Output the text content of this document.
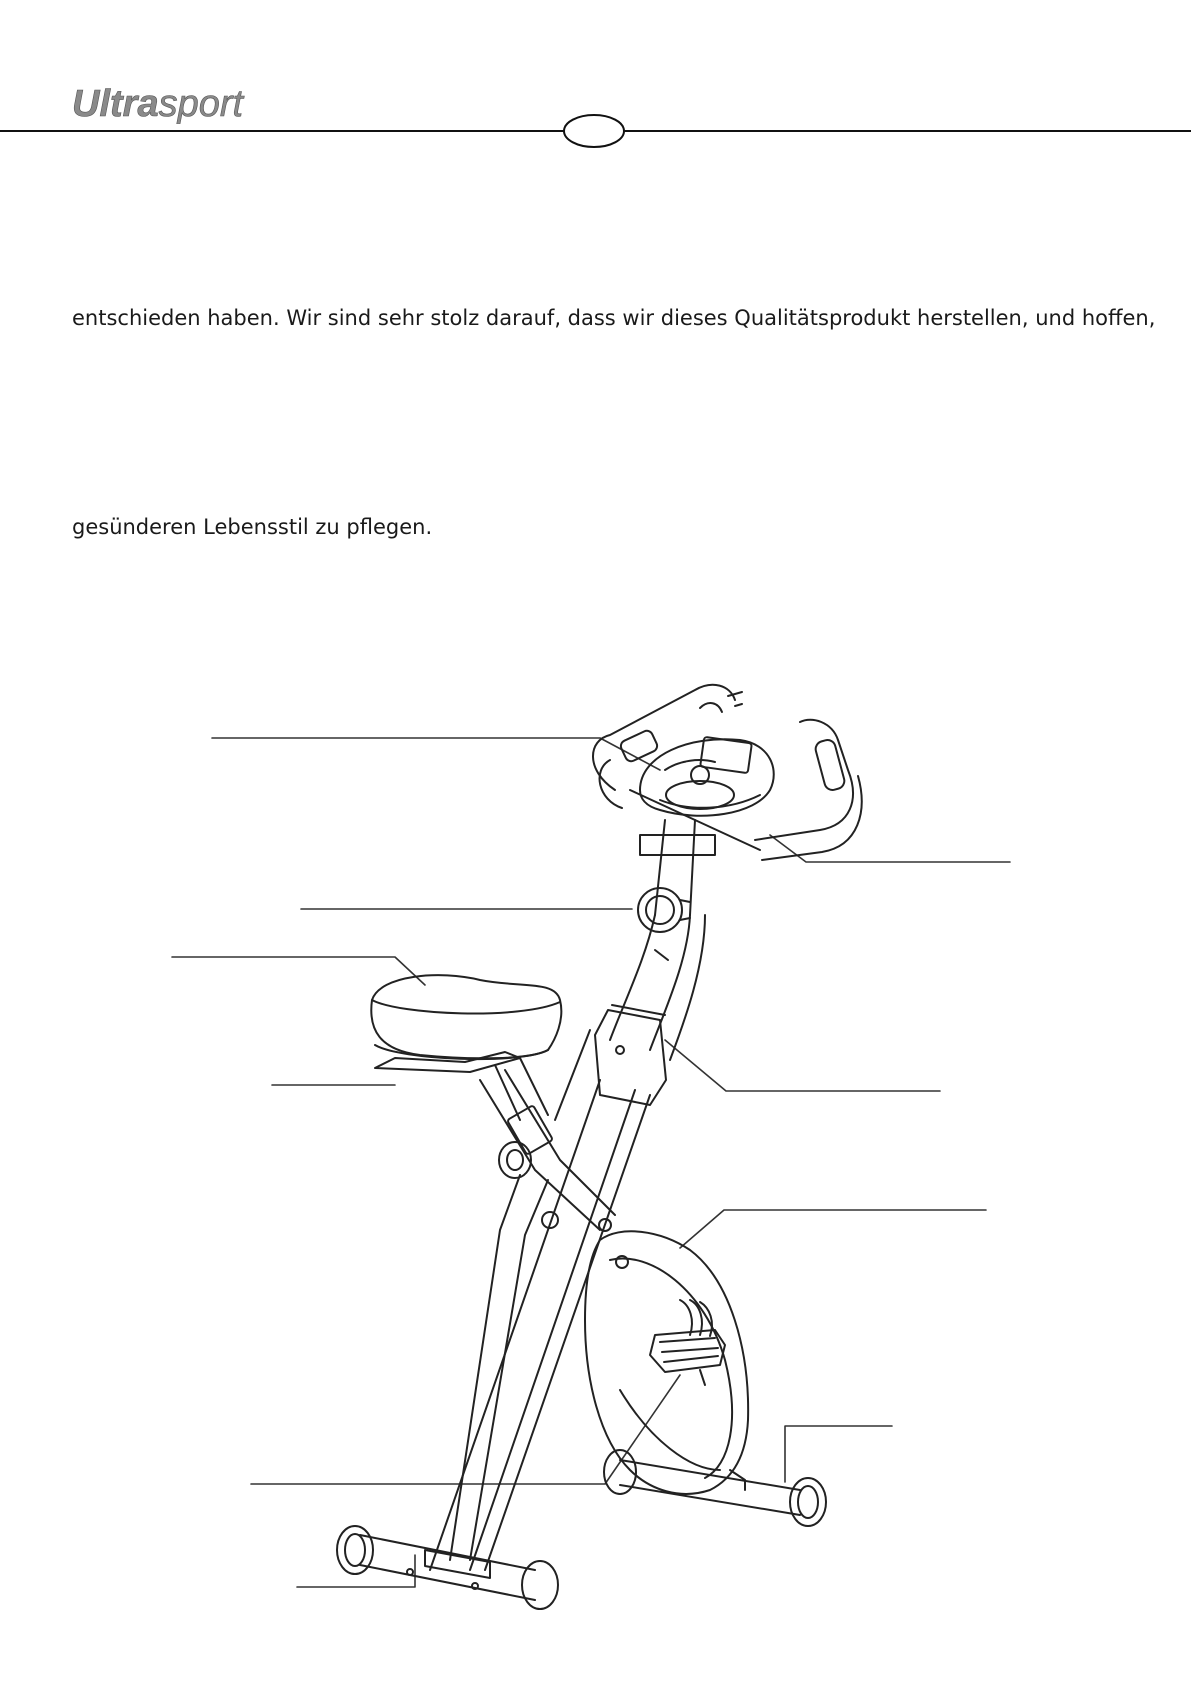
Ultrasport
entschieden haben. Wir sind sehr stolz darauf, dass wir dieses Qualitätsprodukt herstellen, und hoffen,
gesünderen Lebensstil zu pflegen.
